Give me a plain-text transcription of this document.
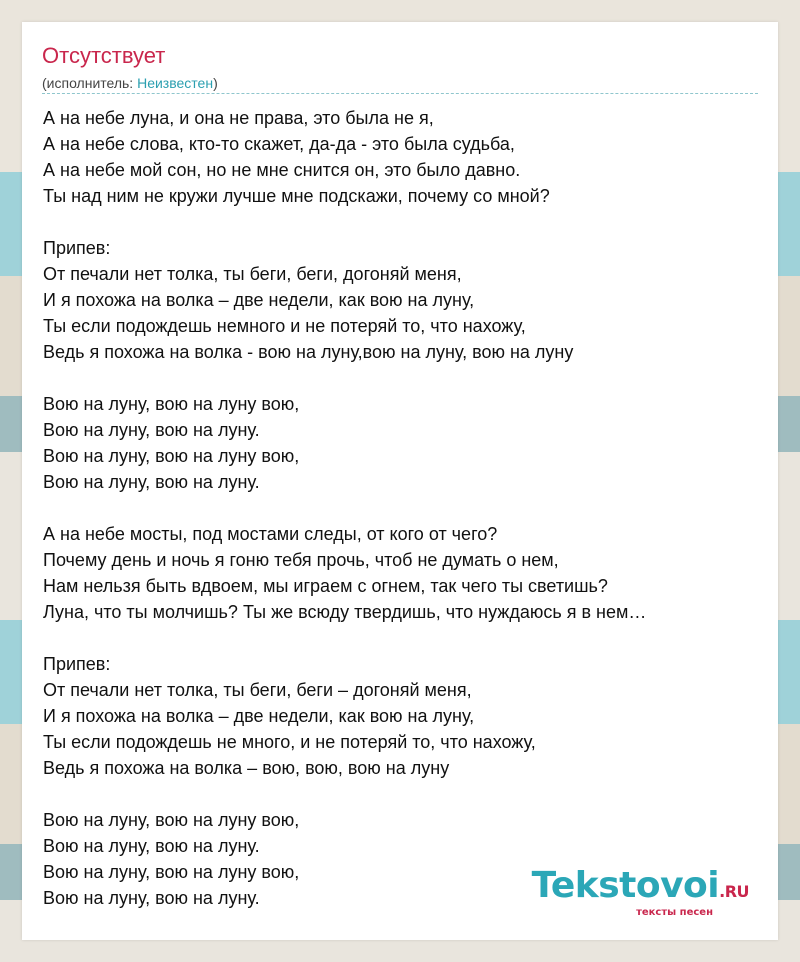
Отсутствует
(исполнитель: Неизвестен)
А на небе луна, и она не права, это была не я,
А на небе слова, кто-то скажет, да-да - это была судьба,
А на небе мой сон, но не мне снится он, это было давно.
Ты над ним не кружи лучше мне подскажи, почему со мной?
Припев:
От печали нет толка, ты беги, беги, догоняй меня,
И я похожа на волка – две недели, как вою на луну,
Ты если подождешь немного и не потеряй то, что нахожу,
Ведь я похожа на волка - вою на луну,вою на луну, вою на луну
Вою на луну, вою на луну вою,
Вою на луну, вою на луну.
Вою на луну, вою на луну вою,
Вою на луну, вою на луну.
А на небе мосты, под мостами следы, от кого от чего?
Почему день и ночь я гоню тебя прочь, чтоб не думать о нем,
Нам нельзя быть вдвоем, мы играем с огнем, так чего ты светишь?
Луна, что ты молчишь? Ты же всюду твердишь, что нуждаюсь я в нем…
Припев:
От печали нет толка, ты беги, беги – догоняй меня,
И я похожа на волка – две недели, как вою на луну,
Ты если подождешь не много, и не потеряй то, что нахожу,
Ведь я похожа на волка – вою, вою, вою на луну
Вою на луну, вою на луну вою,
Вою на луну, вою на луну.
Вою на луну, вою на луну вою,
Вою на луну, вою на луну.	Tekstovoi.RU
тексты песен
